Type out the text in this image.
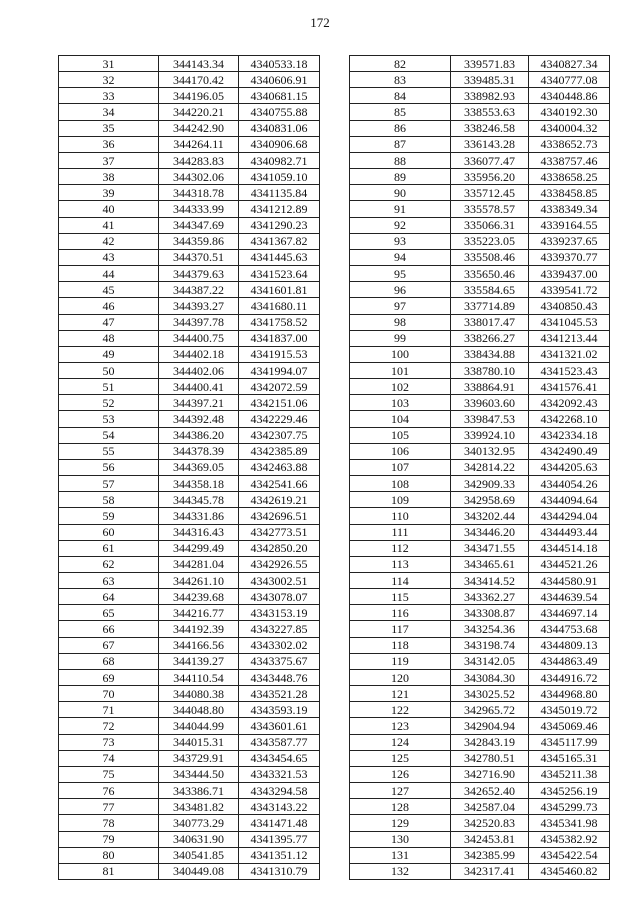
172
31	344143.34	4340533.18
32	344170.42	4340606.91
33	344196.05	4340681.15
34	344220.21	4340755.88
35	344242.90	4340831.06
36	344264.11	4340906.68
37	344283.83	4340982.71
38	344302.06	4341059.10
39	344318.78	4341135.84
40	344333.99	4341212.89
41	344347.69	4341290.23
42	344359.86	4341367.82
43	344370.51	4341445.63
44	344379.63	4341523.64
45	344387.22	4341601.81
46	344393.27	4341680.11
47	344397.78	4341758.52
48	344400.75	4341837.00
49	344402.18	4341915.53
50	344402.06	4341994.07
51	344400.41	4342072.59
52	344397.21	4342151.06
53	344392.48	4342229.46
54	344386.20	4342307.75
55	344378.39	4342385.89
56	344369.05	4342463.88
57	344358.18	4342541.66
58	344345.78	4342619.21
59	344331.86	4342696.51
60	344316.43	4342773.51
61	344299.49	4342850.20
62	344281.04	4342926.55
63	344261.10	4343002.51
64	344239.68	4343078.07
65	344216.77	4343153.19
66	344192.39	4343227.85
67	344166.56	4343302.02
68	344139.27	4343375.67
69	344110.54	4343448.76
70	344080.38	4343521.28
71	344048.80	4343593.19
72	344044.99	4343601.61
73	344015.31	4343587.77
74	343729.91	4343454.65
75	343444.50	4343321.53
76	343386.71	4343294.58
77	343481.82	4343143.22
78	340773.29	4341471.48
79	340631.90	4341395.77
80	340541.85	4341351.12
81	340449.08	4341310.79
82	339571.83	4340827.34
83	339485.31	4340777.08
84	338982.93	4340448.86
85	338553.63	4340192.30
86	338246.58	4340004.32
87	336143.28	4338652.73
88	336077.47	4338757.46
89	335956.20	4338658.25
90	335712.45	4338458.85
91	335578.57	4338349.34
92	335066.31	4339164.55
93	335223.05	4339237.65
94	335508.46	4339370.77
95	335650.46	4339437.00
96	335584.65	4339541.72
97	337714.89	4340850.43
98	338017.47	4341045.53
99	338266.27	4341213.44
100	338434.88	4341321.02
101	338780.10	4341523.43
102	338864.91	4341576.41
103	339603.60	4342092.43
104	339847.53	4342268.10
105	339924.10	4342334.18
106	340132.95	4342490.49
107	342814.22	4344205.63
108	342909.33	4344054.26
109	342958.69	4344094.64
110	343202.44	4344294.04
111	343446.20	4344493.44
112	343471.55	4344514.18
113	343465.61	4344521.26
114	343414.52	4344580.91
115	343362.27	4344639.54
116	343308.87	4344697.14
117	343254.36	4344753.68
118	343198.74	4344809.13
119	343142.05	4344863.49
120	343084.30	4344916.72
121	343025.52	4344968.80
122	342965.72	4345019.72
123	342904.94	4345069.46
124	342843.19	4345117.99
125	342780.51	4345165.31
126	342716.90	4345211.38
127	342652.40	4345256.19
128	342587.04	4345299.73
129	342520.83	4345341.98
130	342453.81	4345382.92
131	342385.99	4345422.54
132	342317.41	4345460.82
